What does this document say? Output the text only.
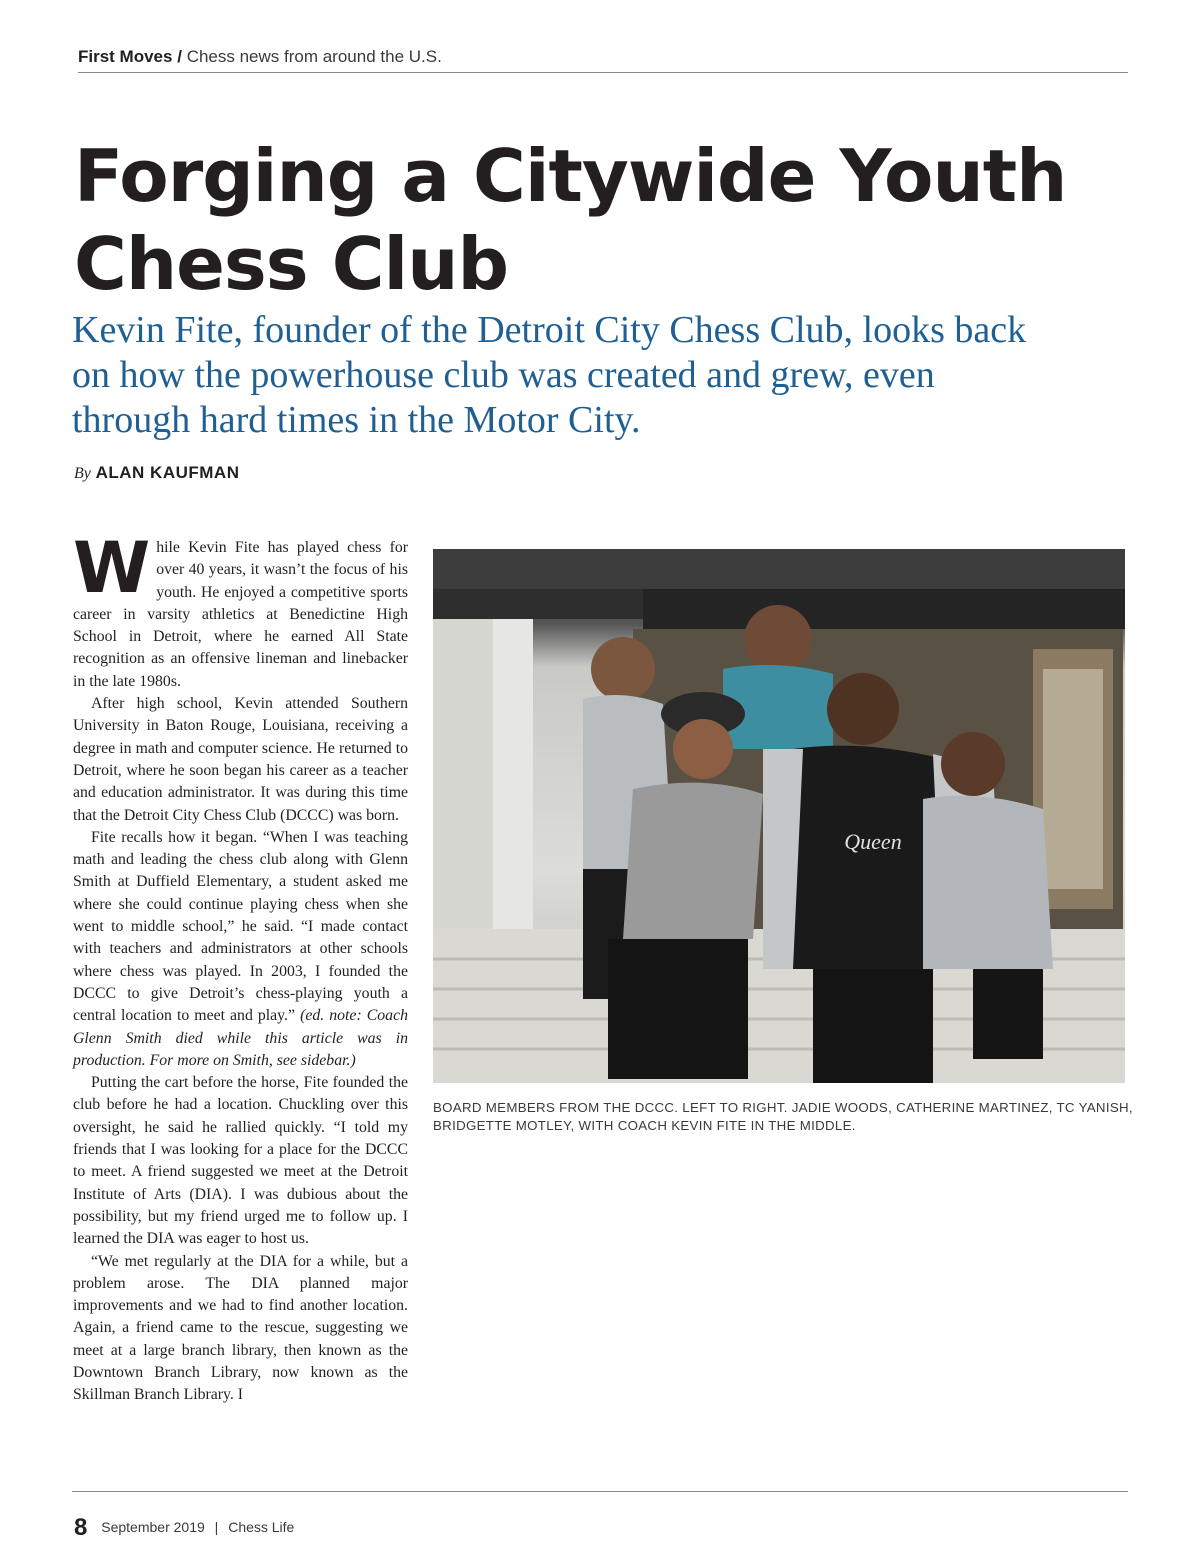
First Moves / Chess news from around the U.S.
Forging a Citywide Youth Chess Club

Kevin Fite, founder of the Detroit City Chess Club, looks back on how the powerhouse club was created and grew, even through hard times in the Motor City.

By ALAN KAUFMAN

While Kevin Fite has played chess for over 40 years, it wasn’t the focus of his youth. He enjoyed a competitive sports career in varsity athletics at Benedictine High School in Detroit, where he earned All State recognition as an offensive lineman and linebacker in the late 1980s.

After high school, Kevin attended Southern University in Baton Rouge, Louisiana, receiving a degree in math and computer science. He returned to Detroit, where he soon began his career as a teacher and education administrator. It was during this time that the Detroit City Chess Club (DCCC) was born.

Fite recalls how it began. “When I was teaching math and leading the chess club along with Glenn Smith at Duffield Elementary, a student asked me where she could continue playing chess when she went to middle school,” he said. “I made contact with teachers and administrators at other schools where chess was played. In 2003, I founded the DCCC to give Detroit’s chess-playing youth a central location to meet and play.” (ed. note: Coach Glenn Smith died while this article was in production. For more on Smith, see sidebar.)

Putting the cart before the horse, Fite founded the club before he had a location. Chuckling over this oversight, he said he rallied quickly. “I told my friends that I was looking for a place for the DCCC to meet. A friend suggested we meet at the Detroit Institute of Arts (DIA). I was dubious about the possibility, but my friend urged me to follow up. I learned the DIA was eager to host us.

“We met regularly at the DIA for a while, but a problem arose. The DIA planned major improvements and we had to find another location. Again, a friend came to the rescue, suggesting we meet at a large branch library, then known as the Downtown Branch Library, now known as the Skillman Branch Library. I

Queen
BOARD MEMBERS FROM THE DCCC. LEFT TO RIGHT. JADIE WOODS, CATHERINE MARTINEZ, TC YANISH, BRIDGETTE MOTLEY, WITH COACH KEVIN FITE IN THE MIDDLE.
8 September 2019 | Chess Life
